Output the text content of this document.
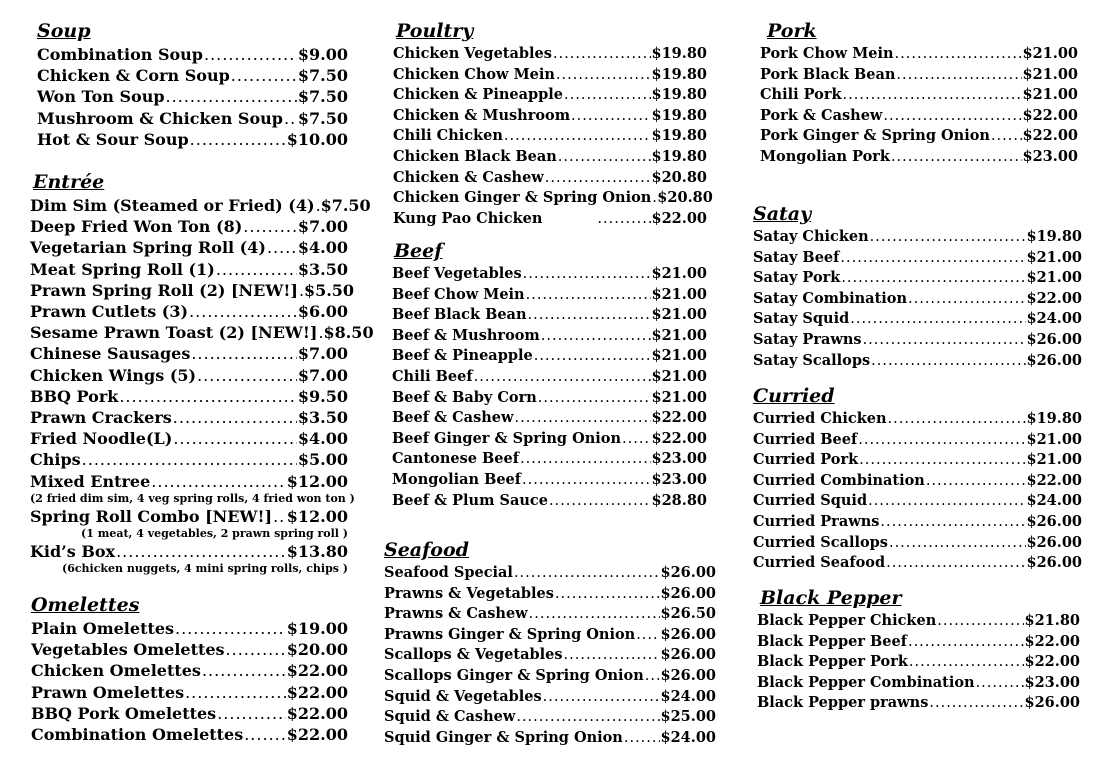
Soup
Combination Soup .....	$9.00
Chicken & Corn Soup .....	$7.50
Won Ton Soup .....	$7.50
Mushroom & Chicken Soup ..... $7.50
Hot & Sour Soup .....	$10.00
Entrée
Dim Sim (Steamed or Fried) (4) ..... $7.50
Deep Fried Won Ton (8) .....	$7.00
Vegetarian Spring Roll (4) ..... $4.00
Meat Spring Roll (1) .....	$3.50
Prawn Spring Roll (2) [NEW!] ..... $5.50
Prawn Cutlets (3) .....	$6.00
Sesame Prawn Toast (2) [NEW!] ..... $8.50
Chinese Sausages .....	$7.00
Chicken Wings (5) .....	$7.00
BBQ Pork .....	$9.50
Prawn Crackers .....	$3.50
Fried Noodle(L) .....	$4.00
Chips .....	$5.00
Mixed Entree .....	$12.00
(2 fried dim sim, 4 veg spring rolls, 4 fried won ton )
Spring Roll Combo [NEW!] ..... $12.00
(1 meat, 4 vegetables, 2 prawn spring roll )
Kid’s Box .....	$13.80
(6chicken nuggets, 4 mini spring rolls, chips )
Omelettes
Plain Omelettes .....	$19.00
Vegetables Omelettes .....	$20.00
Chicken Omelettes .....	$22.00
Prawn Omelettes .....	$22.00
BBQ Pork Omelettes .....	$22.00
Combination Omelettes .....	$22.00
Poultry
Chicken Vegetables .....	$19.80
Chicken Chow Mein .....	$19.80
Chicken & Pineapple .....	$19.80
Chicken & Mushroom .....	$19.80
Chili Chicken .....	$19.80
Chicken Black Bean .....	$19.80
Chicken & Cashew .....	$20.80
Chicken Ginger & Spring Onion ..... $20.80
Kung Pao Chicken .....	$22.00
Beef
Beef Vegetables .....	$21.00
Beef Chow Mein .....	$21.00
Beef Black Bean .....	$21.00
Beef & Mushroom .....	$21.00
Beef & Pineapple .....	$21.00
Chili Beef .....	$21.00
Beef & Baby Corn .....	$21.00
Beef & Cashew .....	$22.00
Beef Ginger & Spring Onion ..... $22.00
Cantonese Beef .....	$23.00
Mongolian Beef .....	$23.00
Beef & Plum Sauce .....	$28.80
Seafood
Seafood Special .....	$26.00
Prawns & Vegetables .....	$26.00
Prawns & Cashew .....	$26.50
Prawns Ginger & Spring Onion ..... $26.00
Scallops & Vegetables .....	$26.00
Scallops Ginger & Spring Onion ..... $26.00
Squid & Vegetables .....	$24.00
Squid & Cashew .....	$25.00
Squid Ginger & Spring Onion .....	$24.00
Pork
Pork Chow Mein .....	$21.00
Pork Black Bean .....	$21.00
Chili Pork .....	$21.00
Pork & Cashew .....	$22.00
Pork Ginger & Spring Onion ..... $22.00
Mongolian Pork .....	$23.00
Satay
Satay Chicken .....	$19.80
Satay Beef .....	$21.00
Satay Pork .....	$21.00
Satay Combination .....	$22.00
Satay Squid .....	$24.00
Satay Prawns .....	$26.00
Satay Scallops .....	$26.00
Curried
Curried Chicken .....	$19.80
Curried Beef .....	$21.00
Curried Pork .....	$21.00
Curried Combination .....	$22.00
Curried Squid .....	$24.00
Curried Prawns .....	$26.00
Curried Scallops .....	$26.00
Curried Seafood .....	$26.00
Black Pepper
Black Pepper Chicken .....	$21.80
Black Pepper Beef .....	$22.00
Black Pepper Pork .....	$22.00
Black Pepper Combination .....	$23.00
Black Pepper prawns .....	$26.00
